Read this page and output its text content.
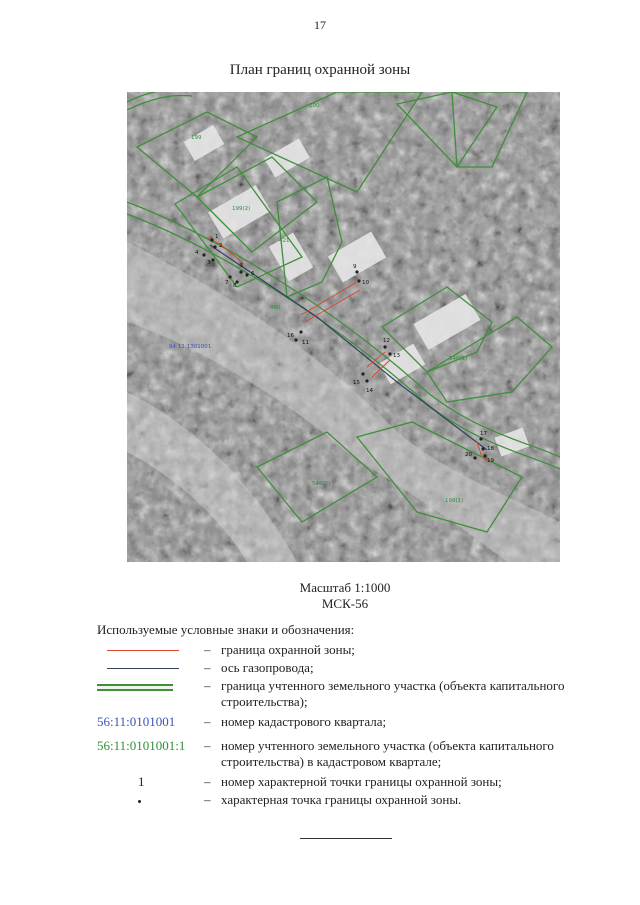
17
План границ охранной зоны
1
2
3
4
5
6
7 8
9
10
11	12
13
14
15
16
17
18
19
20
200
199
199(2)
421
480
546(1)
546(2)
199(1)
94:11:1301001
Масштаб 1:1000
МСК-56
Используемые условные знаки и обозначения:
– граница охранной зоны;
– ось газопровода;
– граница учтенного земельного участка (объекта капитального строительства);
56:11:0101001 – номер кадастрового квартала;
56:11:0101001:1 – номер учтенного земельного участка (объекта капитального строительства) в кадастровом квартале;
1	– номер характерной точки границы охранной зоны;
– характерная точка границы охранной зоны.
